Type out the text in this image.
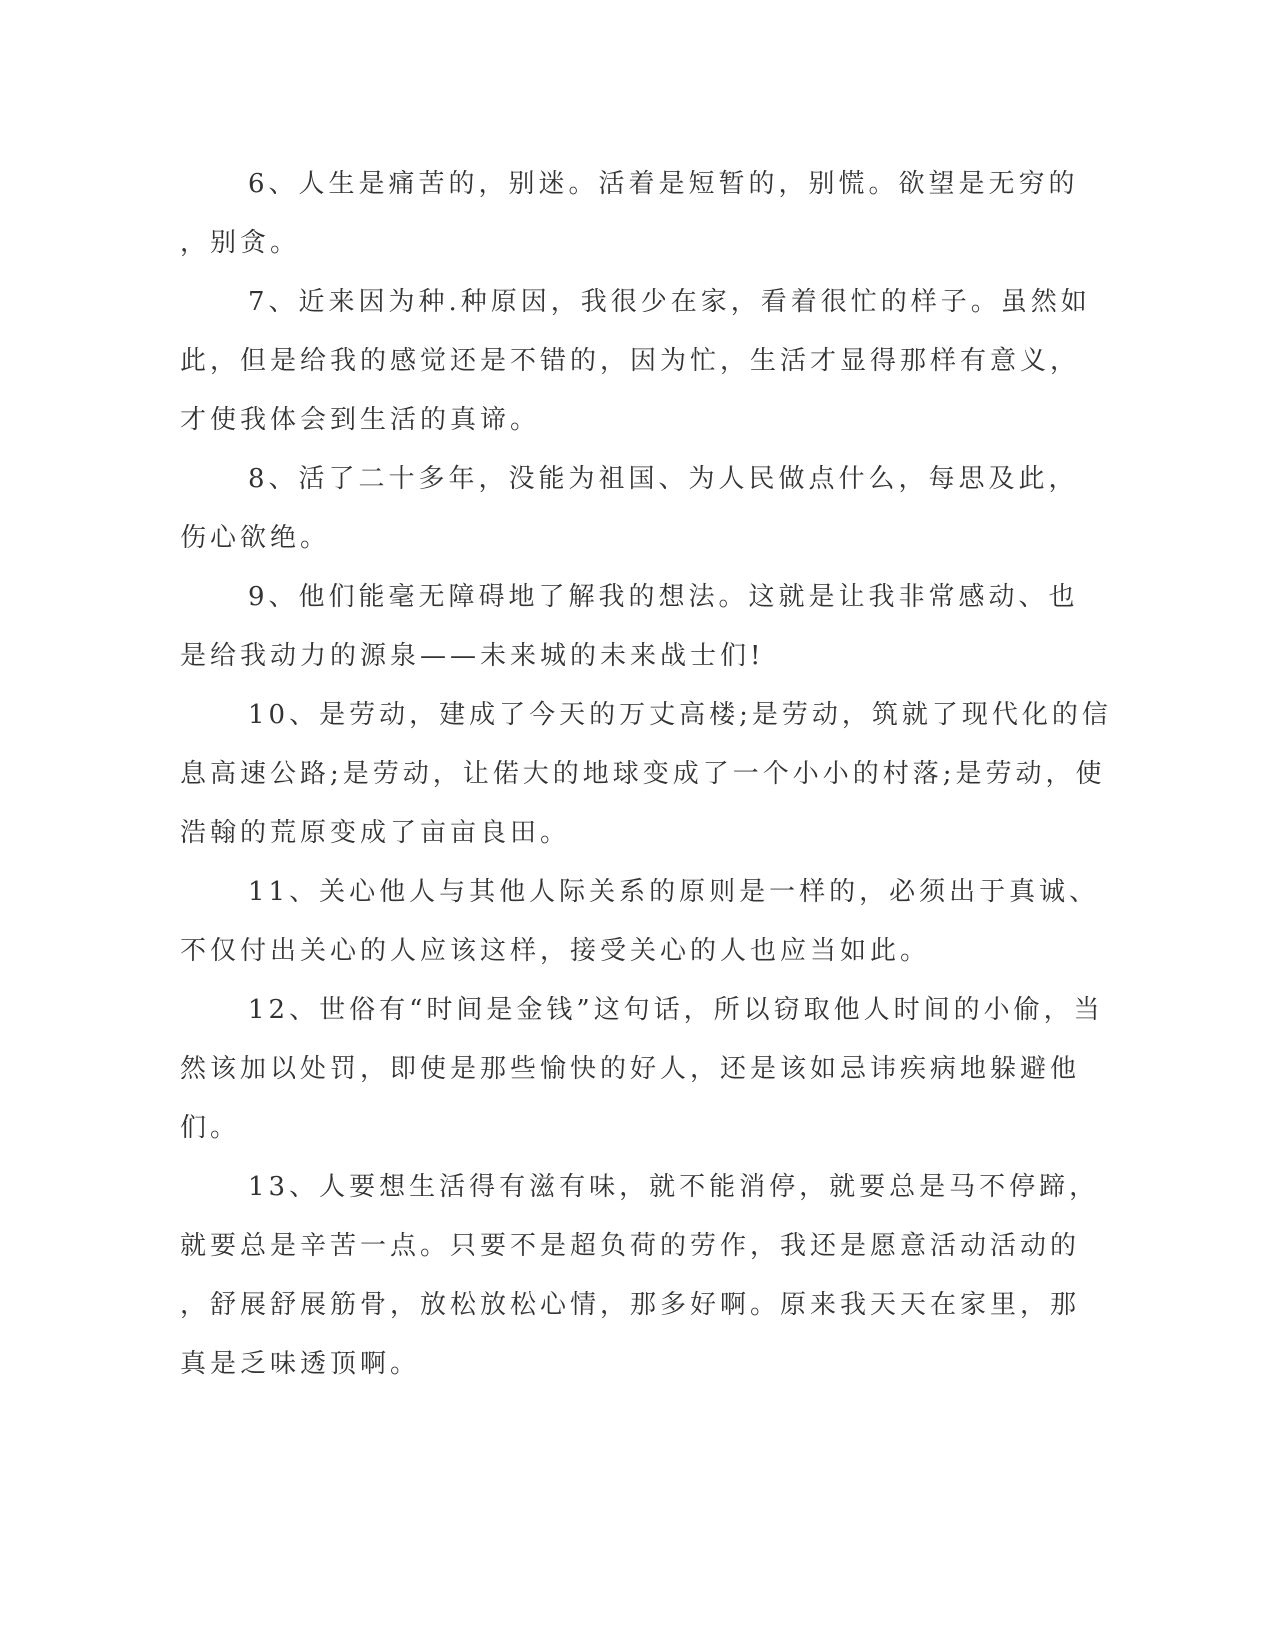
6、人生是痛苦的，别迷。活着是短暂的，别慌。欲望是无穷的
，别贪。

7、近来因为种.种原因，我很少在家，看着很忙的样子。虽然如
此，但是给我的感觉还是不错的，因为忙，生活才显得那样有意义，
才使我体会到生活的真谛。

8、活了二十多年，没能为祖国、为人民做点什么，每思及此，
伤心欲绝。

9、他们能毫无障碍地了解我的想法。这就是让我非常感动、也
是给我动力的源泉——未来城的未来战士们!

10、是劳动，建成了今天的万丈高楼;是劳动，筑就了现代化的信
息高速公路;是劳动，让偌大的地球变成了一个小小的村落;是劳动，使
浩翰的荒原变成了亩亩良田。

11、关心他人与其他人际关系的原则是一样的，必须出于真诚、
不仅付出关心的人应该这样，接受关心的人也应当如此。

12、世俗有“时间是金钱”这句话，所以窃取他人时间的小偷，当
然该加以处罚，即使是那些愉快的好人，还是该如忌讳疾病地躲避他
们。

13、人要想生活得有滋有味，就不能消停，就要总是马不停蹄，
就要总是辛苦一点。只要不是超负荷的劳作，我还是愿意活动活动的
，舒展舒展筋骨，放松放松心情，那多好啊。原来我天天在家里，那
真是乏味透顶啊。
